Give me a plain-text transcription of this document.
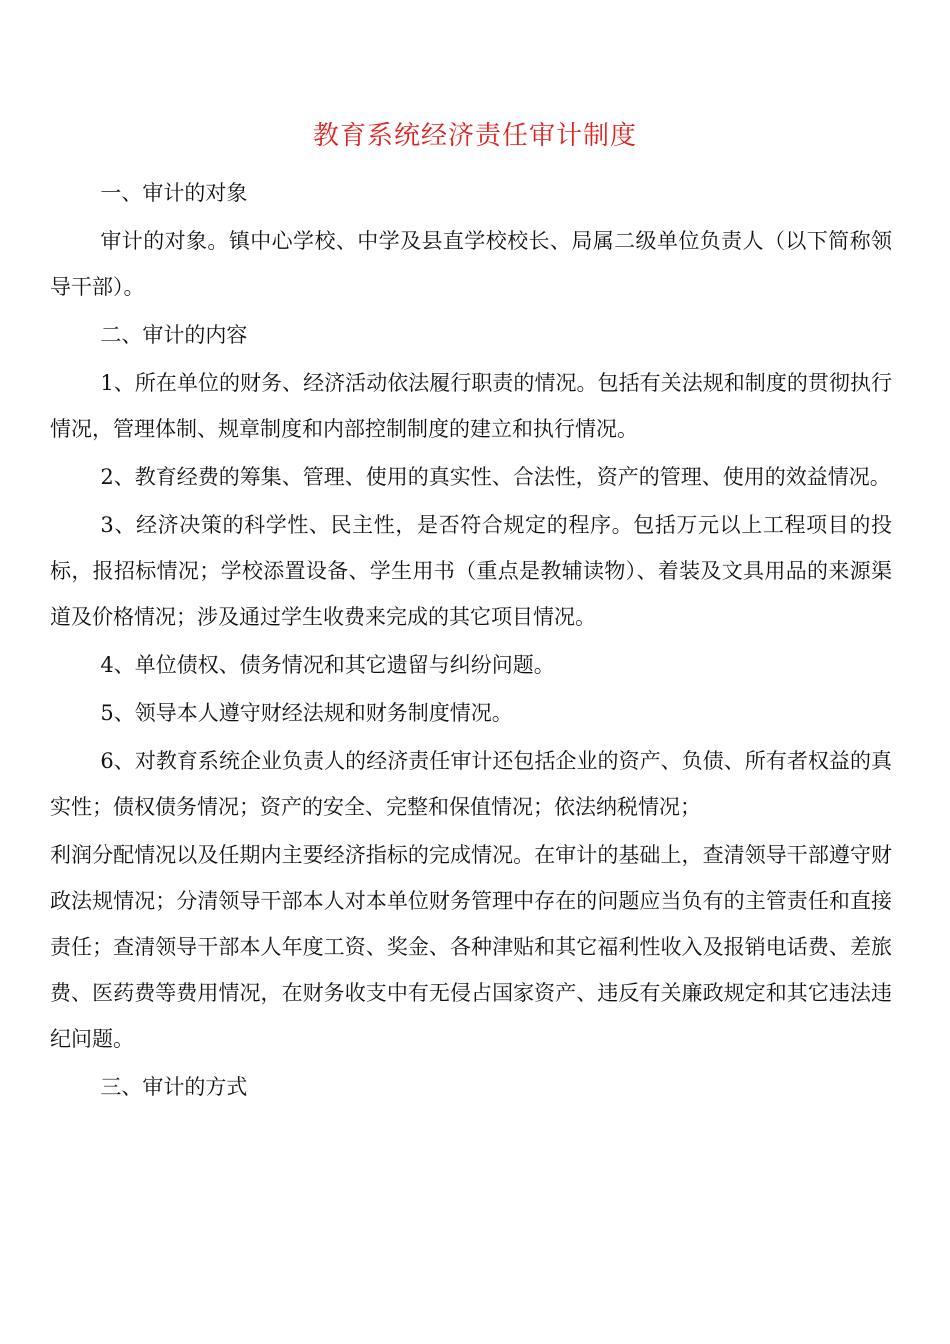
教育系统经济责任审计制度

一、审计的对象

审计的对象。镇中心学校、中学及县直学校校长、局属二级单位负责人（以下简称领导干部）。

二、审计的内容

1、所在单位的财务、经济活动依法履行职责的情况。包括有关法规和制度的贯彻执行情况，管理体制、规章制度和内部控制制度的建立和执行情况。

2、教育经费的筹集、管理、使用的真实性、合法性，资产的管理、使用的效益情况。

3、经济决策的科学性、民主性，是否符合规定的程序。包括万元以上工程项目的投标，报招标情况；学校添置设备、学生用书（重点是教辅读物）、着装及文具用品的来源渠道及价格情况；涉及通过学生收费来完成的其它项目情况。

4、单位债权、债务情况和其它遗留与纠纷问题。

5、领导本人遵守财经法规和财务制度情况。

6、对教育系统企业负责人的经济责任审计还包括企业的资产、负债、所有者权益的真实性；债权债务情况；资产的安全、完整和保值情况；依法纳税情况；

利润分配情况以及任期内主要经济指标的完成情况。在审计的基础上，查清领导干部遵守财政法规情况；分清领导干部本人对本单位财务管理中存在的问题应当负有的主管责任和直接责任；查清领导干部本人年度工资、奖金、各种津贴和其它福利性收入及报销电话费、差旅费、医药费等费用情况，在财务收支中有无侵占国家资产、违反有关廉政规定和其它违法违纪问题。

三、审计的方式
